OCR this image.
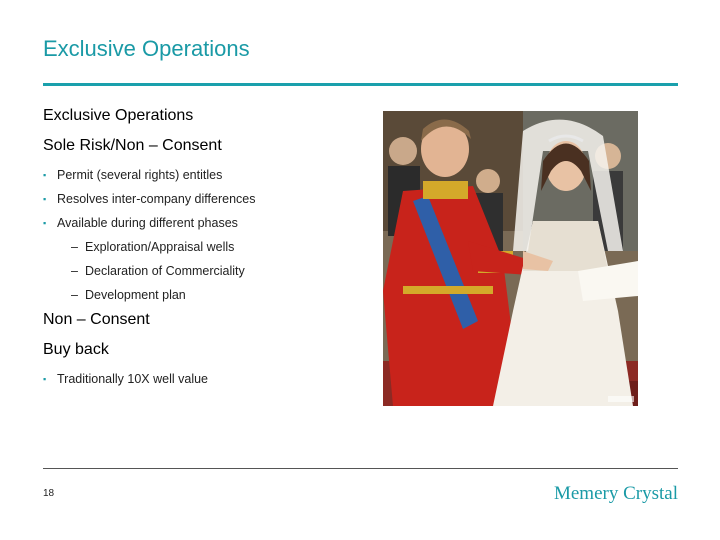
Exclusive Operations
Exclusive Operations
Sole Risk/Non – Consent
▪ Permit (several rights) entitles
▪ Resolves inter-company differences
▪ Available during different phases
– Exploration/Appraisal wells
– Declaration of Commerciality
– Development plan
Non – Consent
Buy back
▪ Traditionally 10X well value
18	Memery Crystal
